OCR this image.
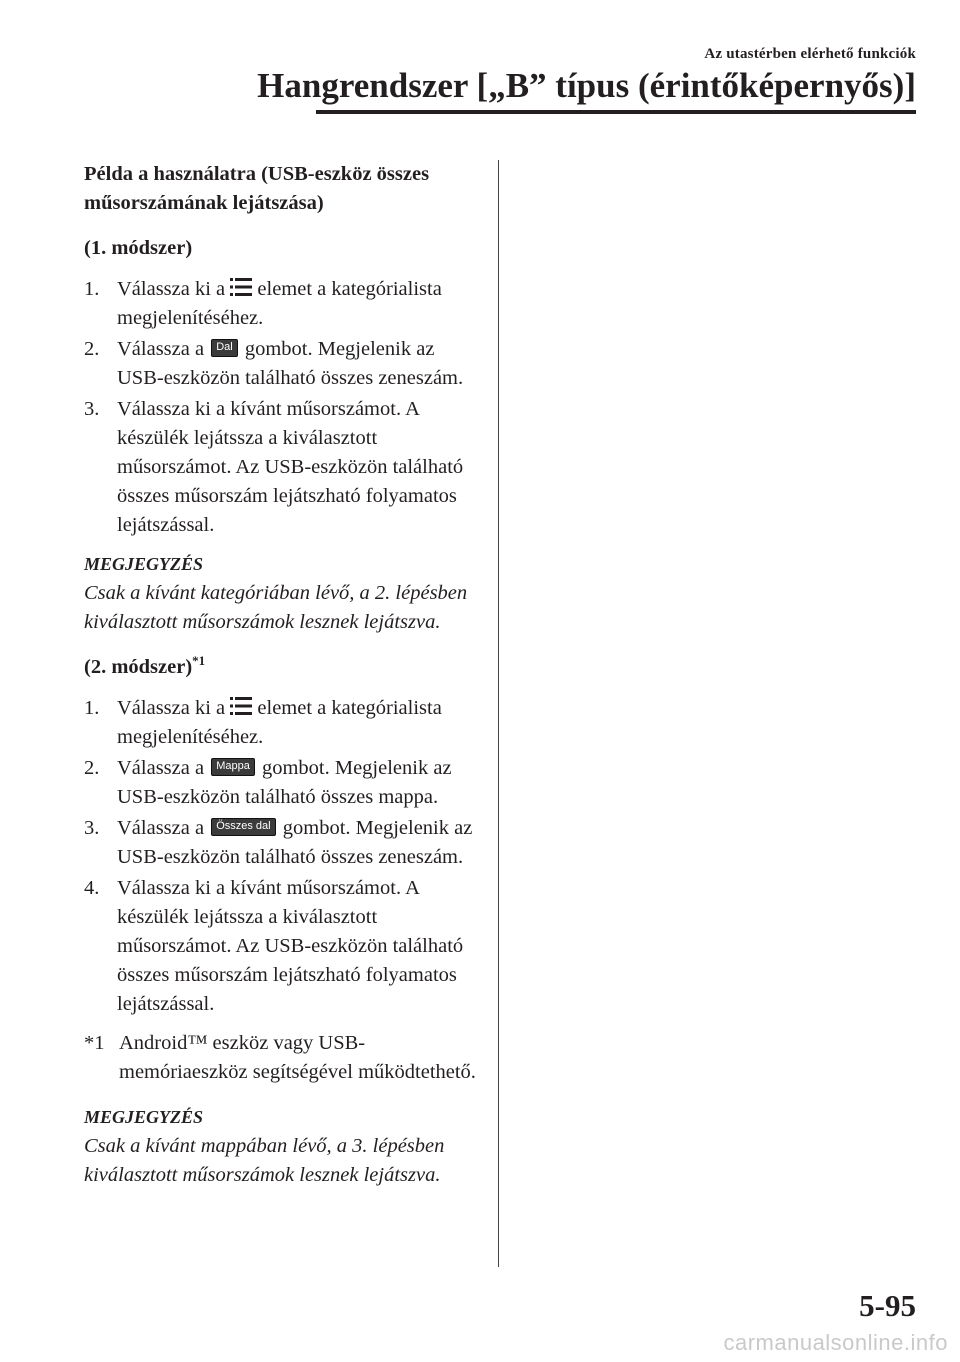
Az utastérben elérhető funkciók
Hangrendszer [„B” típus (érintőképernyős)]
Példa a használatra (USB-eszköz összes műsorszámának lejátszása)
(1. módszer)
1. Válassza ki a elemet a kategórialista megjelenítéséhez.
2. Válassza a Dal gombot. Megjelenik az USB-eszközön található összes zeneszám.
3. Válassza ki a kívánt műsorszámot. A készülék lejátssza a kiválasztott műsorszámot. Az USB-eszközön található összes műsorszám lejátszható folyamatos lejátszással.
MEGJEGYZÉS
Csak a kívánt kategóriában lévő, a 2. lépésben kiválasztott műsorszámok lesznek lejátszva.
(2. módszer)$^{*1}$
1. Válassza ki a elemet a kategórialista megjelenítéséhez.
2. Válassza a Mappa gombot. Megjelenik az USB-eszközön található összes mappa.
3. Válassza a Összes dal gombot. Megjelenik az USB-eszközön található összes zeneszám.
4. Válassza ki a kívánt műsorszámot. A készülék lejátssza a kiválasztott műsorszámot. Az USB-eszközön található összes műsorszám lejátszható folyamatos lejátszással.
*1 Android™ eszköz vagy USB-memóriaeszköz segítségével működtethető.
MEGJEGYZÉS
Csak a kívánt mappában lévő, a 3. lépésben kiválasztott műsorszámok lesznek lejátszva.
5-95
carmanualsonline.info
